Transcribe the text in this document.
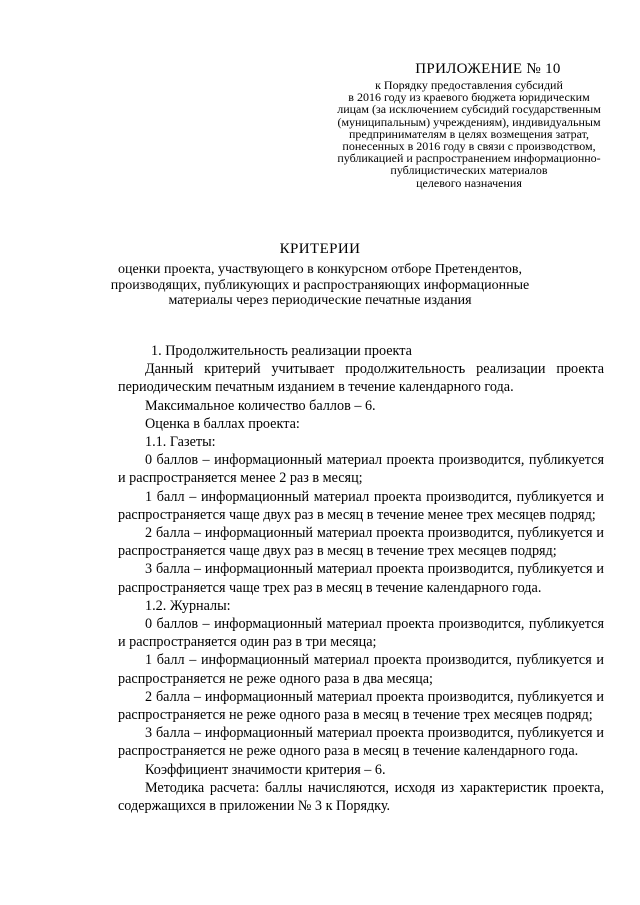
ПРИЛОЖЕНИЕ № 10
к Порядку предоставления субсидий
в 2016 году из краевого бюджета юридическим
лицам (за исключением субсидий государственным
(муниципальным) учреждениям), индивидуальным
предпринимателям в целях возмещения затрат,
понесенных в 2016 году в связи с производством,
публикацией и распространением информационно-
публицистических материалов
целевого назначения
КРИТЕРИИ
оценки проекта, участвующего в конкурсном отборе Претендентов,
производящих, публикующих и распространяющих информационные
материалы через периодические печатные издания

1. Продолжительность реализации проекта

Данный критерий учитывает продолжительность реализации проекта периодическим печатным изданием в течение календарного года.

Максимальное количество баллов – 6.

Оценка в баллах проекта:

1.1. Газеты:

0 баллов – информационный материал проекта производится, публикуется и распространяется менее 2 раз в месяц;

1 балл – информационный материал проекта производится, публикуется и распространяется чаще двух раз в месяц в течение менее трех месяцев подряд;

2 балла – информационный материал проекта производится, публикуется и распространяется чаще двух раз в месяц в течение трех месяцев подряд;

3 балла – информационный материал проекта производится, публикуется и распространяется чаще трех раз в месяц в течение календарного года.

1.2. Журналы:

0 баллов – информационный материал проекта производится, публикуется и распространяется один раз в три месяца;

1 балл – информационный материал проекта производится, публикуется и распространяется не реже одного раза в два месяца;

2 балла – информационный материал проекта производится, публикуется и распространяется не реже одного раза в месяц в течение трех месяцев подряд;

3 балла – информационный материал проекта производится, публикуется и распространяется не реже одного раза в месяц в течение календарного года.

Коэффициент значимости критерия – 6.

Методика расчета: баллы начисляются, исходя из характеристик проекта, содержащихся в приложении № 3 к Порядку.
